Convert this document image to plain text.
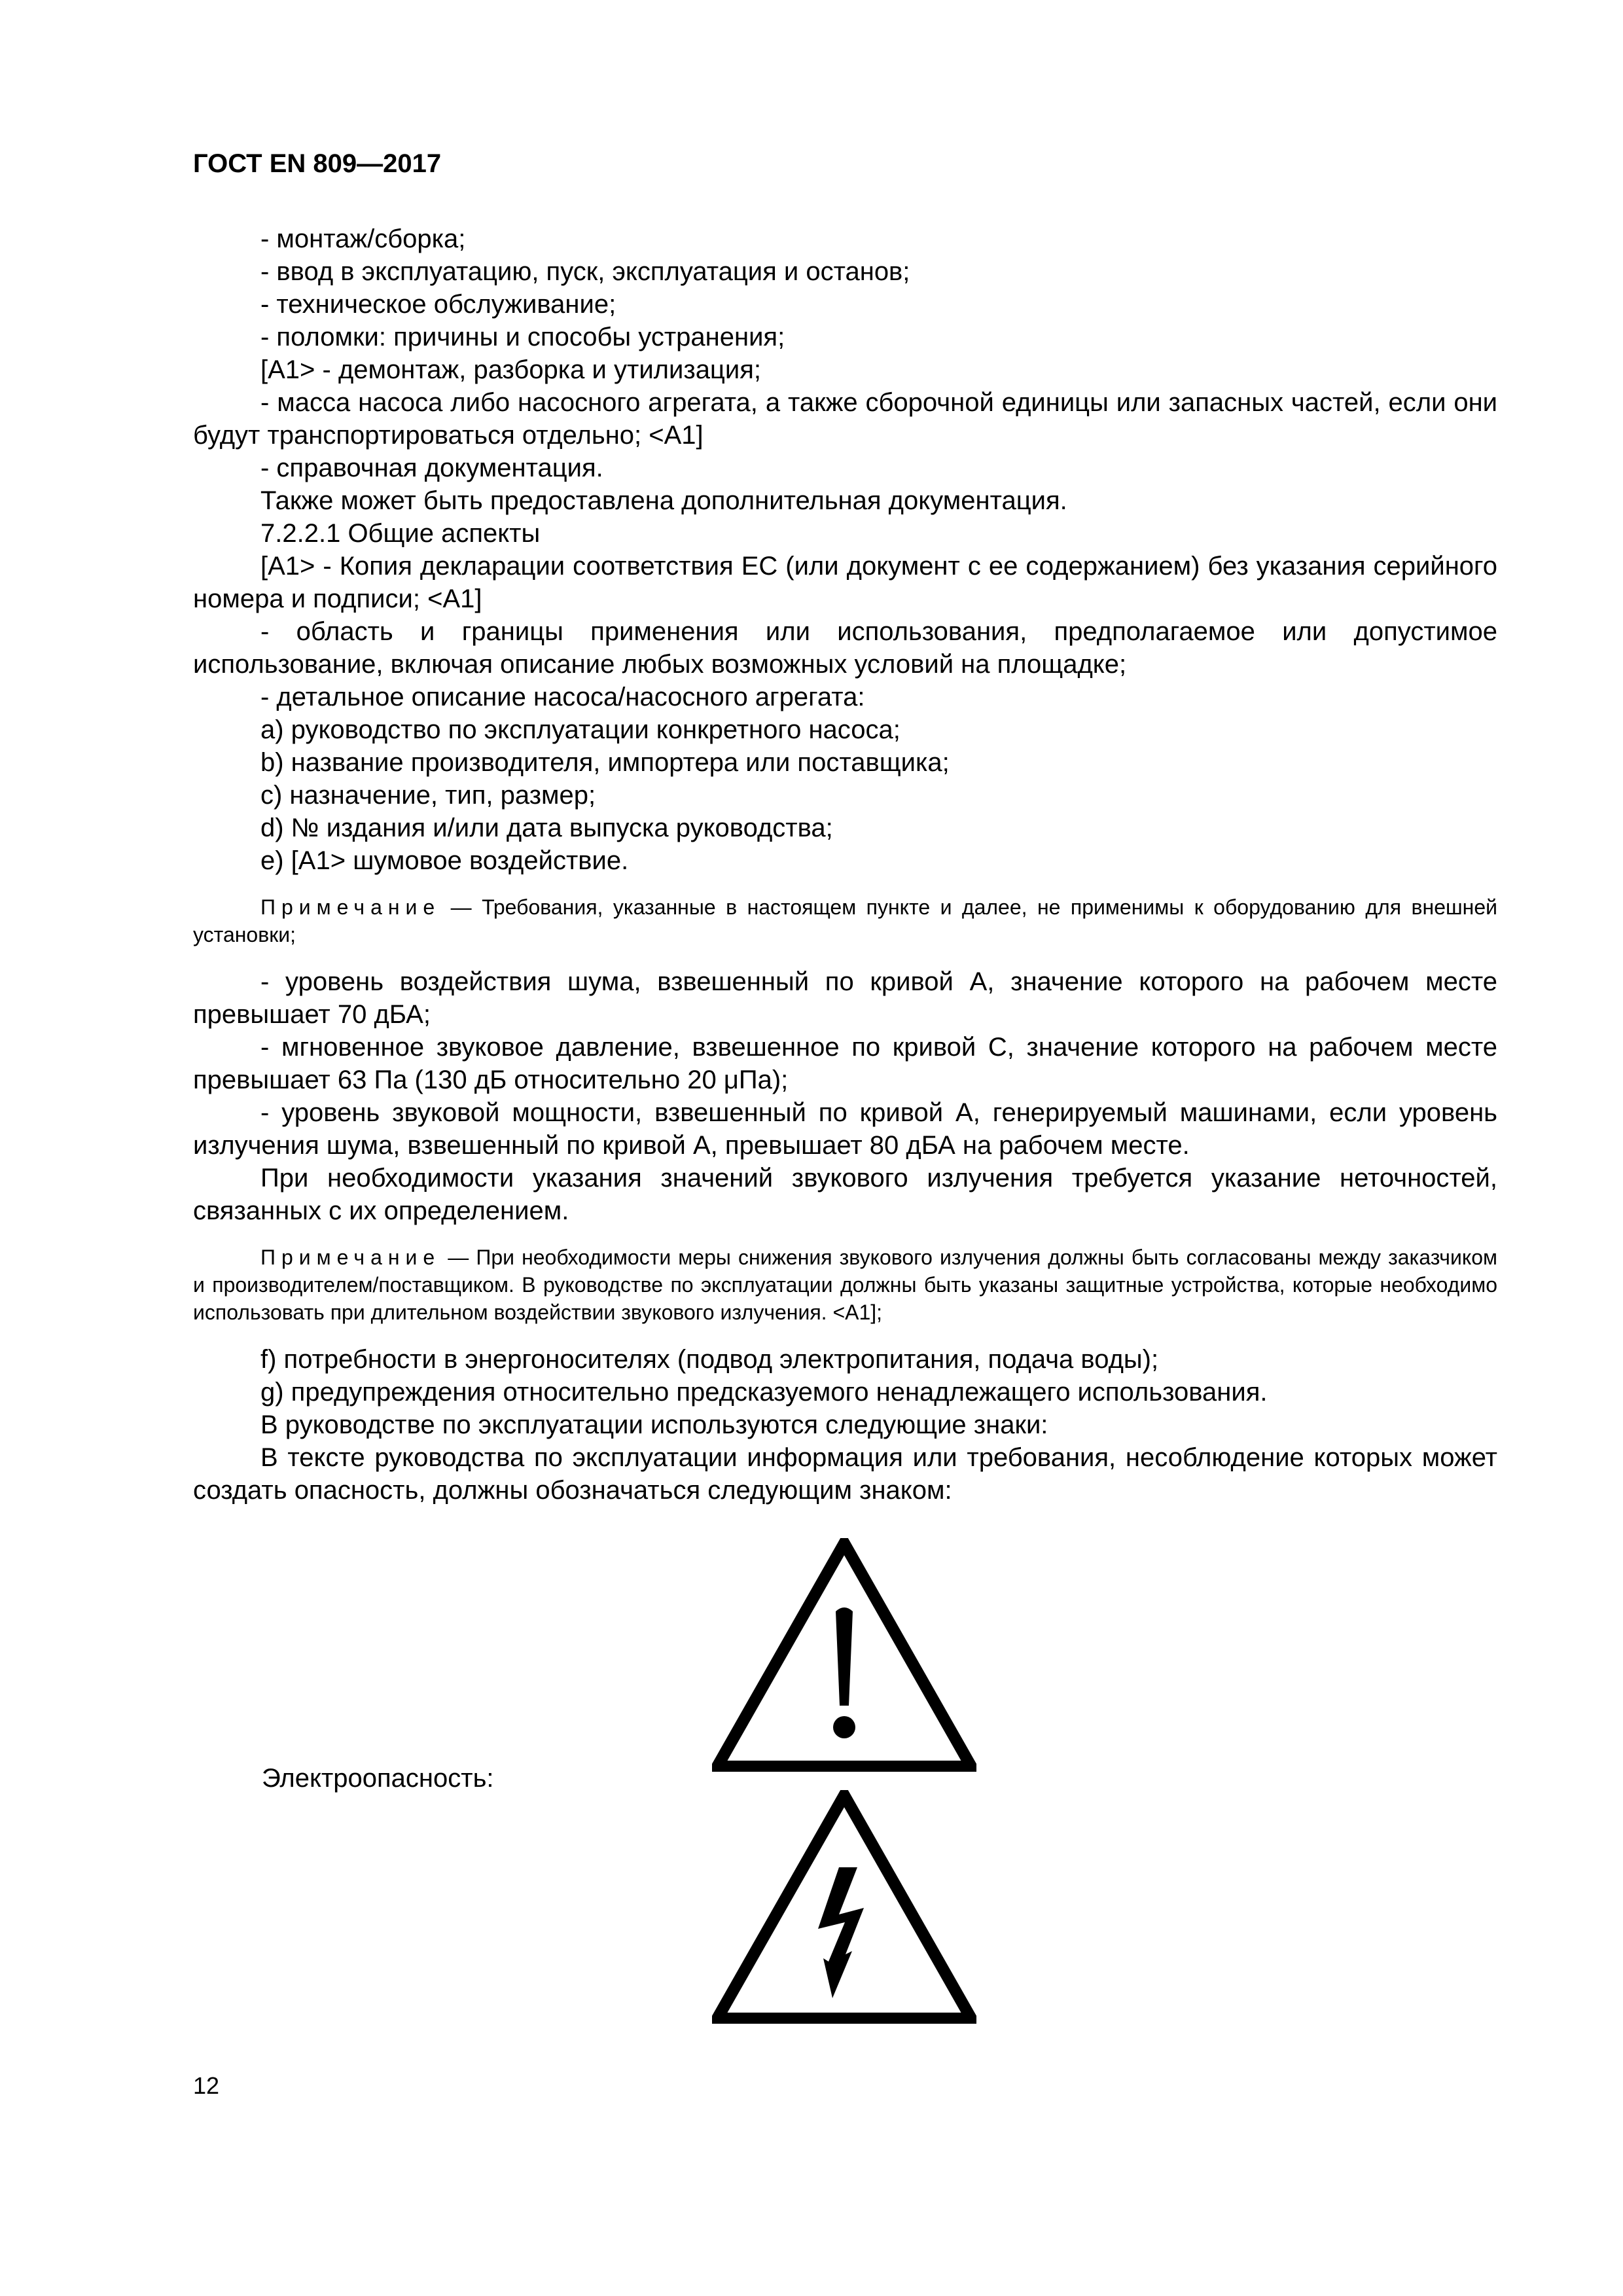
ГОСТ EN 809—2017

- монтаж/сборка;

- ввод в эксплуатацию, пуск, эксплуатация и останов;

- техническое обслуживание;

- поломки: причины и способы устранения;

[А1> - демонтаж, разборка и утилизация;

- масса насоса либо насосного агрегата, а также сборочной единицы или запасных частей, если они будут транспортироваться отдельно; <А1]

- справочная документация.

Также может быть предоставлена дополнительная документация.

7.2.2.1 Общие аспекты

[А1> - Копия декларации соответствия ЕС (или документ с ее содержанием) без указания серийного номера и подписи; <А1]

- область и границы применения или использования, предполагаемое или допустимое использование, включая описание любых возможных условий на площадке;

- детальное описание насоса/насосного агрегата:

а) руководство по эксплуатации конкретного насоса;

b) название производителя, импортера или поставщика;

с) назначение, тип, размер;

d) № издания и/или дата выпуска руководства;

e) [А1> шумовое воздействие.

Примечание — Требования, указанные в настоящем пункте и далее, не применимы к оборудованию для внешней установки;

- уровень воздействия шума, взвешенный по кривой А, значение которого на рабочем месте превышает 70 дБА;

- мгновенное звуковое давление, взвешенное по кривой С, значение которого на рабочем месте превышает 63 Па (130 дБ относительно 20 μПа);

- уровень звуковой мощности, взвешенный по кривой А, генерируемый машинами, если уровень излучения шума, взвешенный по кривой А, превышает 80 дБА на рабочем месте.

При необходимости указания значений звукового излучения требуется указание неточностей, связанных с их определением.

Примечание — При необходимости меры снижения звукового излучения должны быть согласованы между заказчиком и производителем/поставщиком. В руководстве по эксплуатации должны быть указаны защитные устройства, которые необходимо использовать при длительном воздействии звукового излучения. <А1];

f) потребности в энергоносителях (подвод электропитания, подача воды);

g) предупреждения относительно предсказуемого ненадлежащего использования.

В руководстве по эксплуатации используются следующие знаки:

В тексте руководства по эксплуатации информация или требования, несоблюдение которых может создать опасность, должны обозначаться следующим знаком:

Электроопасность:
12
